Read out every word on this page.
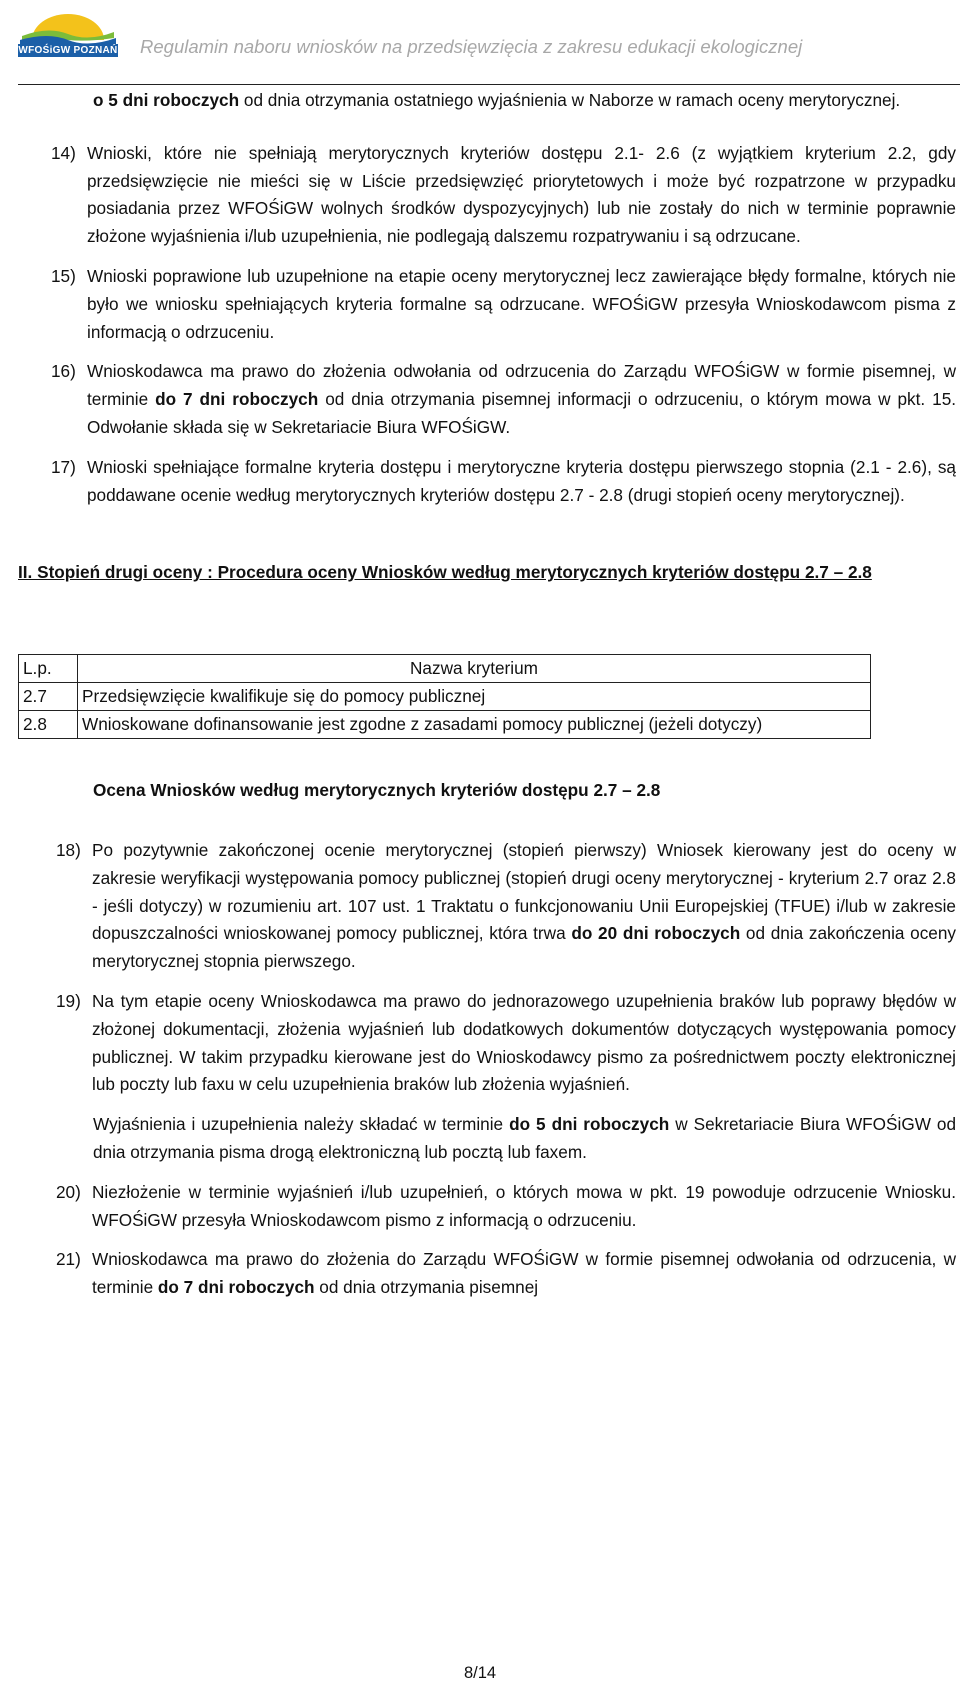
WFOŚiGW POZNAŃ Regulamin naboru wniosków na przedsięwzięcia z zakresu edukacji ekologicznej

o 5 dni roboczych od dnia otrzymania ostatniego wyjaśnienia w Naborze w ramach oceny merytorycznej.

14) Wnioski, które nie spełniają merytorycznych kryteriów dostępu 2.1- 2.6 (z wyjątkiem kryterium 2.2, gdy przedsięwzięcie nie mieści się w Liście przedsięwzięć priorytetowych i może być rozpatrzone w przypadku posiadania przez WFOŚiGW wolnych środków dyspozycyjnych) lub nie zostały do nich w terminie poprawnie złożone wyjaśnienia i/lub uzupełnienia, nie podlegają dalszemu rozpatrywaniu i są odrzucane.
15) Wnioski poprawione lub uzupełnione na etapie oceny merytorycznej lecz zawierające błędy formalne, których nie było we wniosku spełniających kryteria formalne są odrzucane. WFOŚiGW przesyła Wnioskodawcom pisma z informacją o odrzuceniu.
16) Wnioskodawca ma prawo do złożenia odwołania od odrzucenia do Zarządu WFOŚiGW w formie pisemnej, w terminie do 7 dni roboczych od dnia otrzymania pisemnej informacji o odrzuceniu, o którym mowa w pkt. 15. Odwołanie składa się w Sekretariacie Biura WFOŚiGW.
17) Wnioski spełniające formalne kryteria dostępu i merytoryczne kryteria dostępu pierwszego stopnia (2.1 - 2.6), są poddawane ocenie według merytorycznych kryteriów dostępu 2.7 - 2.8 (drugi stopień oceny merytorycznej).

II. Stopień drugi oceny : Procedura oceny Wniosków według merytorycznych kryteriów dostępu 2.7 – 2.8

L.p.	Nazwa kryterium
2.7	Przedsięwzięcie kwalifikuje się do pomocy publicznej
2.8	Wnioskowane dofinansowanie jest zgodne z zasadami pomocy publicznej (jeżeli dotyczy)

Ocena Wniosków według merytorycznych kryteriów dostępu 2.7 – 2.8

18) Po pozytywnie zakończonej ocenie merytorycznej (stopień pierwszy) Wniosek kierowany jest do oceny w zakresie weryfikacji występowania pomocy publicznej (stopień drugi oceny merytorycznej - kryterium 2.7 oraz 2.8 - jeśli dotyczy) w rozumieniu art. 107 ust. 1 Traktatu o funkcjonowaniu Unii Europejskiej (TFUE) i/lub w zakresie dopuszczalności wnioskowanej pomocy publicznej, która trwa do 20 dni roboczych od dnia zakończenia oceny merytorycznej stopnia pierwszego.
19) Na tym etapie oceny Wnioskodawca ma prawo do jednorazowego uzupełnienia braków lub poprawy błędów w złożonej dokumentacji, złożenia wyjaśnień lub dodatkowych dokumentów dotyczących występowania pomocy publicznej. W takim przypadku kierowane jest do Wnioskodawcy pismo za pośrednictwem poczty elektronicznej lub poczty lub faxu w celu uzupełnienia braków lub złożenia wyjaśnień.

Wyjaśnienia i uzupełnienia należy składać w terminie do 5 dni roboczych w Sekretariacie Biura WFOŚiGW od dnia otrzymania pisma drogą elektroniczną lub pocztą lub faxem.

20) Niezłożenie w terminie wyjaśnień i/lub uzupełnień, o których mowa w pkt. 19 powoduje odrzucenie Wniosku. WFOŚiGW przesyła Wnioskodawcom pismo z informacją o odrzuceniu.
21) Wnioskodawca ma prawo do złożenia do Zarządu WFOŚiGW w formie pisemnej odwołania od odrzucenia, w terminie do 7 dni roboczych od dnia otrzymania pisemnej
8/14
